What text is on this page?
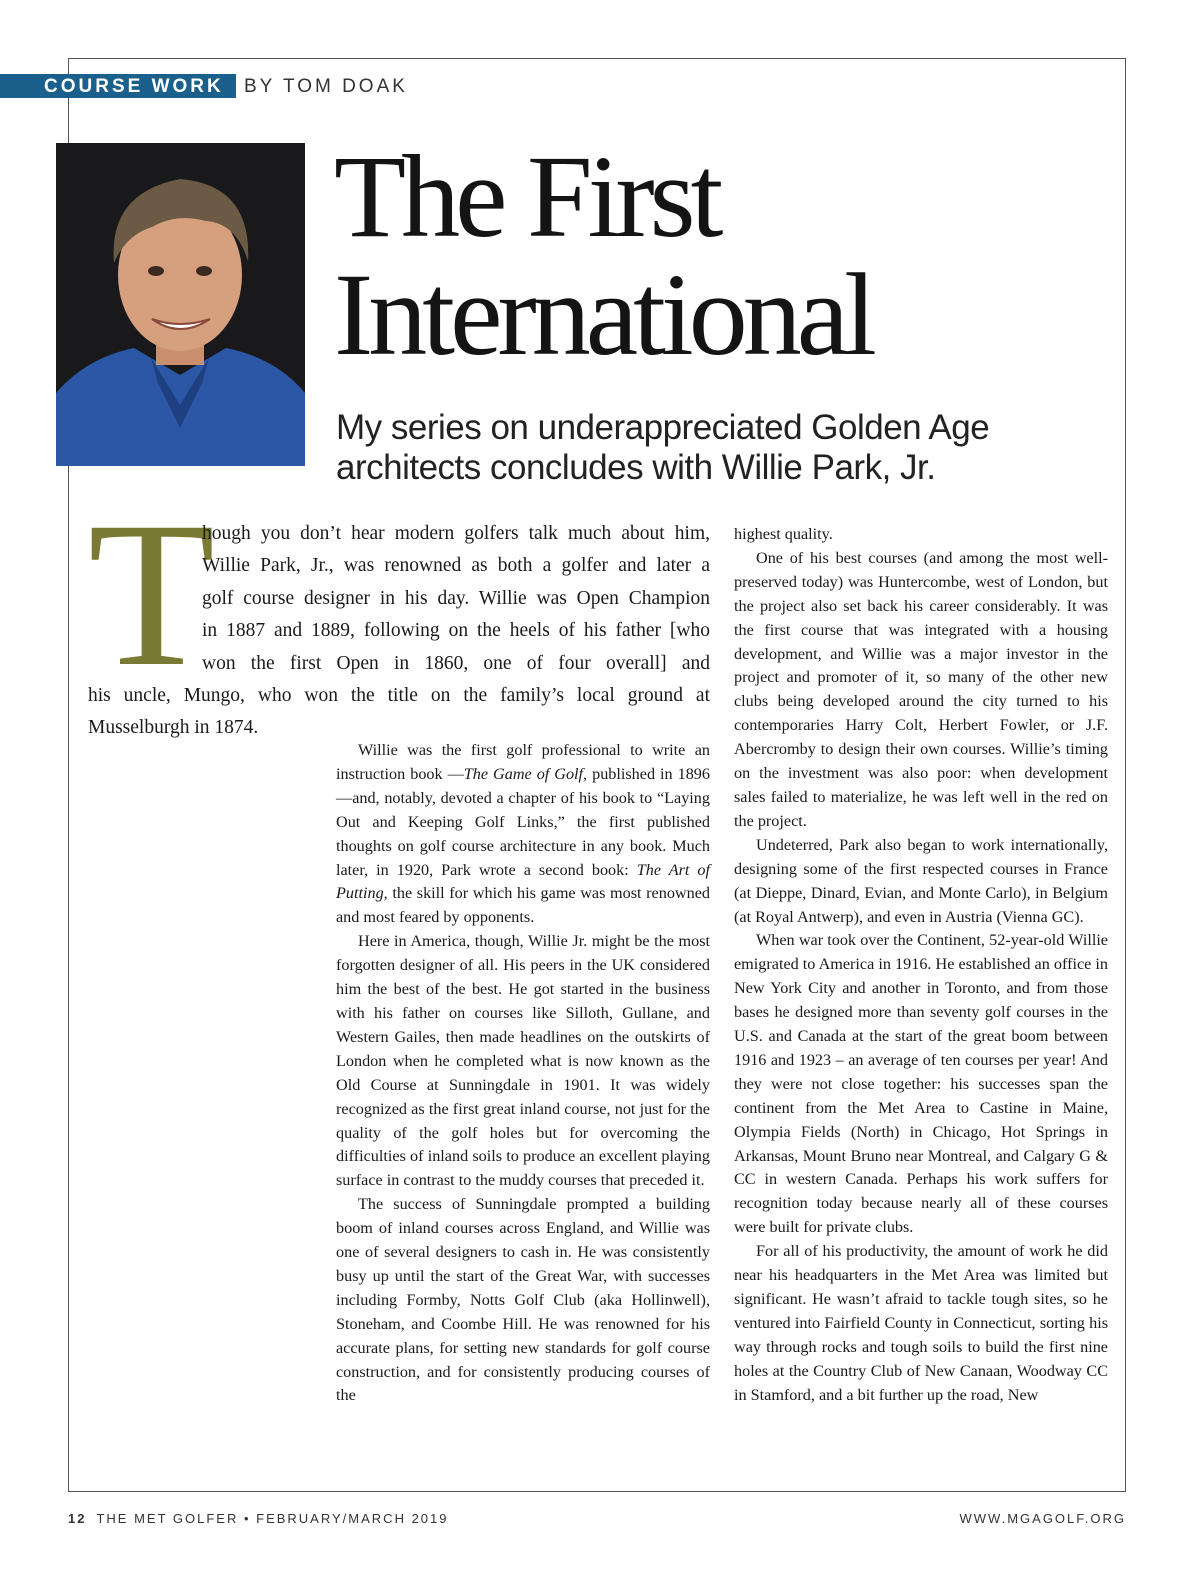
COURSE WORK BY TOM DOAK
The First
International
My series on underappreciated Golden Age
architects concludes with Willie Park, Jr.
T
hough you don’t hear modern golfers talk much about him,
Willie Park, Jr., was renowned as both a golfer and later a
golf course designer in his day. Willie was Open Champion
in 1887 and 1889, following on the heels of his father [who
won the first Open in 1860, one of four overall] and
his uncle, Mungo, who won the title on the family’s local ground at
Musselburgh in 1874.

Willie was the first golf professional to write an instruction book —The Game of Golf, published in 1896—and, notably, devoted a chapter of his book to “Laying Out and Keeping Golf Links,” the first published thoughts on golf course architecture in any book. Much later, in 1920, Park wrote a second book: The Art of Putting, the skill for which his game was most renowned and most feared by opponents.

Here in America, though, Willie Jr. might be the most forgotten designer of all. His peers in the UK considered him the best of the best. He got started in the business with his father on courses like Silloth, Gullane, and Western Gailes, then made headlines on the outskirts of London when he completed what is now known as the Old Course at Sunningdale in 1901. It was widely recognized as the first great inland course, not just for the quality of the golf holes but for overcoming the difficulties of inland soils to produce an excellent playing surface in contrast to the muddy courses that preceded it.

The success of Sunningdale prompted a building boom of inland courses across England, and Willie was one of several designers to cash in. He was consistently busy up until the start of the Great War, with successes including Formby, Notts Golf Club (aka Hollinwell), Stoneham, and Coombe Hill. He was renowned for his accurate plans, for setting new standards for golf course construction, and for consistently producing courses of the

highest quality.

One of his best courses (and among the most well-preserved today) was Huntercombe, west of London, but the project also set back his career considerably. It was the first course that was integrated with a housing development, and Willie was a major investor in the project and promoter of it, so many of the other new clubs being developed around the city turned to his contemporaries Harry Colt, Herbert Fowler, or J.F. Abercromby to design their own courses. Willie’s timing on the investment was also poor: when development sales failed to materialize, he was left well in the red on the project.

Undeterred, Park also began to work internationally, designing some of the first respected courses in France (at Dieppe, Dinard, Evian, and Monte Carlo), in Belgium (at Royal Antwerp), and even in Austria (Vienna GC).

When war took over the Continent, 52-year-old Willie emigrated to America in 1916. He established an office in New York City and another in Toronto, and from those bases he designed more than seventy golf courses in the U.S. and Canada at the start of the great boom between 1916 and 1923 – an average of ten courses per year! And they were not close together: his successes span the continent from the Met Area to Castine in Maine, Olympia Fields (North) in Chicago, Hot Springs in Arkansas, Mount Bruno near Montreal, and Calgary G & CC in western Canada. Perhaps his work suffers for recognition today because nearly all of these courses were built for private clubs.

For all of his productivity, the amount of work he did near his headquarters in the Met Area was limited but significant. He wasn’t afraid to tackle tough sites, so he ventured into Fairfield County in Connecticut, sorting his way through rocks and tough soils to build the first nine holes at the Country Club of New Canaan, Woodway CC in Stamford, and a bit further up the road, New

12 THE MET GOLFER • FEBRUARY/MARCH 2019	WWW.MGAGOLF.ORG
